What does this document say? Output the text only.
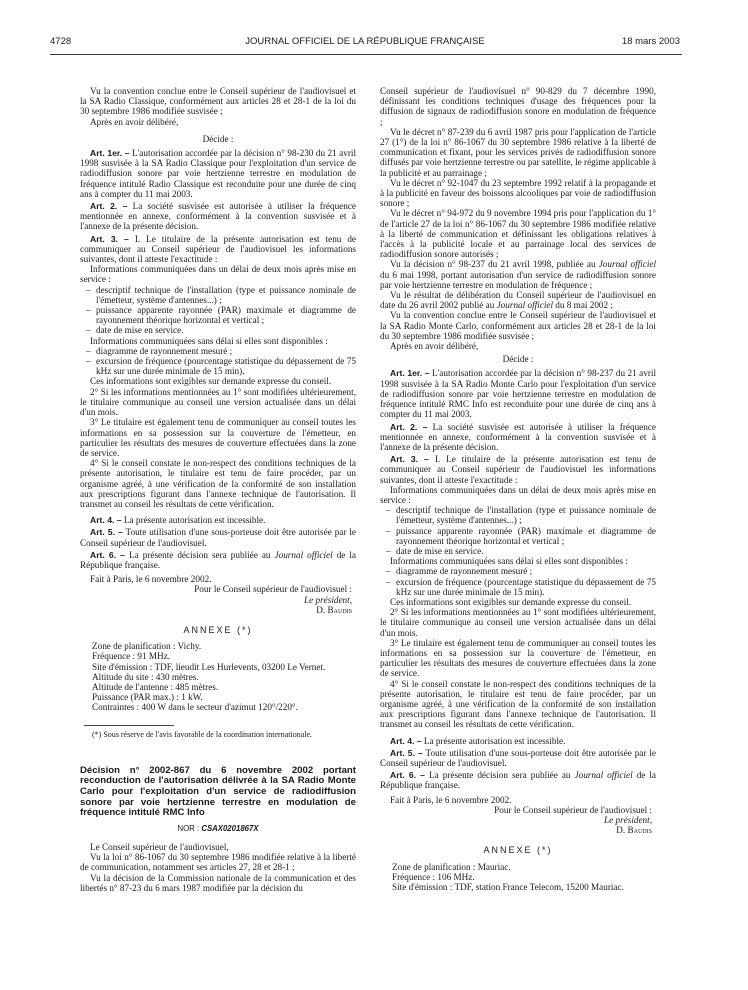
4728	JOURNAL OFFICIEL DE LA RÉPUBLIQUE FRANÇAISE	18 mars 2003

Vu la convention conclue entre le Conseil supérieur de l'audiovisuel et la SA Radio Classique, conformément aux articles 28 et 28-1 de la loi du 30 septembre 1986 modifiée susvisée ;

Après en avoir délibéré,

Décide :

Art. 1er. – L'autorisation accordée par la décision n° 98-230 du 21 avril 1998 susvisée à la SA Radio Classique pour l'exploitation d'un service de radiodiffusion sonore par voie hertzienne terrestre en modulation de fréquence intitulé Radio Classique est reconduite pour une durée de cinq ans à compter du 11 mai 2003.

Art. 2. – La société susvisée est autorisée à utiliser la fréquence mentionnée en annexe, conformément à la convention susvisée et à l'annexe de la présente décision.

Art. 3. – I. Le titulaire de la présente autorisation est tenu de communiquer au Conseil supérieur de l'audiovisuel les informations suivantes, dont il atteste l'exactitude :

Informations communiquées dans un délai de deux mois après mise en service :

– descriptif technique de l'installation (type et puissance nominale de l'émetteur, système d'antennes...) ;

– puissance apparente rayonnée (PAR) maximale et diagramme de rayonnement théorique horizontal et vertical ;

– date de mise en service.

Informations communiquées sans délai si elles sont disponibles :

– diagramme de rayonnement mesuré ;

– excursion de fréquence (pourcentage statistique du dépassement de 75 kHz sur une durée minimale de 15 min).

Ces informations sont exigibles sur demande expresse du conseil.

2° Si les informations mentionnées au 1° sont modifiées ultérieurement, le titulaire communique au conseil une version actualisée dans un délai d'un mois.

3° Le titulaire est également tenu de communiquer au conseil toutes les informations en sa possession sur la couverture de l'émetteur, en particulier les résultats des mesures de couverture effectuées dans la zone de service.

4° Si le conseil constate le non-respect des conditions techniques de la présente autorisation, le titulaire est tenu de faire procéder, par un organisme agréé, à une vérification de la conformité de son installation aux prescriptions figurant dans l'annexe technique de l'autorisation. Il transmet au conseil les résultats de cette vérification.

Art. 4. – La présente autorisation est incessible.

Art. 5. – Toute utilisation d'une sous-porteuse doit être autorisée par le Conseil supérieur de l'audiovisuel.

Art. 6. – La présente décision sera publiée au Journal officiel de la République française.

Fait à Paris, le 6 novembre 2002.

Pour le Conseil supérieur de l'audiovisuel :

Le président,

D. Baudis

ANNEXE (*)

Zone de planification : Vichy.

Fréquence : 91 MHz.

Site d'émission : TDF, lieudit Les Hurlevents, 03200 Le Vernet.

Altitude du site : 430 mètres.

Altitude de l'antenne : 485 mètres.

Puissance (PAR max.) : 1 kW.

Contraintes : 400 W dans le secteur d'azimut 120°/220°.

(*) Sous réserve de l'avis favorable de la coordination internationale.

Décision n° 2002-867 du 6 novembre 2002 portant reconduction de l'autorisation délivrée à la SA Radio Monte Carlo pour l'exploitation d'un service de radiodiffusion sonore par voie hertzienne terrestre en modulation de fréquence intitulé RMC Info

NOR : CSAX0201867X

Le Conseil supérieur de l'audiovisuel,

Vu la loi n° 86-1067 du 30 septembre 1986 modifiée relative à la liberté de communication, notamment ses articles 27, 28 et 28-1 ;

Vu la décision de la Commission nationale de la communication et des libertés n° 87-23 du 6 mars 1987 modifiée par la décision du

Conseil supérieur de l'audiovisuel n° 90-829 du 7 décembre 1990, définissant les conditions techniques d'usage des fréquences pour la diffusion de signaux de radiodiffusion sonore en modulation de fréquence ;

Vu le décret n° 87-239 du 6 avril 1987 pris pour l'application de l'article 27 (1°) de la loi n° 86-1067 du 30 septembre 1986 relative à la liberté de communication et fixant, pour les services privés de radiodiffusion sonore diffusés par voie hertzienne terrestre ou par satellite, le régime applicable à la publicité et au parrainage ;

Vu le décret n° 92-1047 du 23 septembre 1992 relatif à la propagande et à la publicité en faveur des boissons alcooliques par voie de radiodiffusion sonore ;

Vu le décret n° 94-972 du 9 novembre 1994 pris pour l'application du 1° de l'article 27 de la loi n° 86-1067 du 30 septembre 1986 modifiée relative à la liberté de communication et définissant les obligations relatives à l'accès à la publicité locale et au parrainage local des services de radiodiffusion sonore autorisés ;

Vu la décision n° 98-237 du 21 avril 1998, publiée au Journal officiel du 6 mai 1998, portant autorisation d'un service de radiodiffusion sonore par voie hertzienne terrestre en modulation de fréquence ;

Vu le résultat de délibération du Conseil supérieur de l'audiovisuel en date du 26 avril 2002 publié au Journal officiel du 8 mai 2002 ;

Vu la convention conclue entre le Conseil supérieur de l'audiovisuel et la SA Radio Monte Carlo, conformément aux articles 28 et 28-1 de la loi du 30 septembre 1986 modifiée susvisée ;

Après en avoir délibéré,

Décide :

Art. 1er. – L'autorisation accordée par la décision n° 98-237 du 21 avril 1998 susvisée à la SA Radio Monte Carlo pour l'exploitation d'un service de radiodiffusion sonore par voie hertzienne terrestre en modulation de fréquence intitulé RMC Info est reconduite pour une durée de cinq ans à compter du 11 mai 2003.

Art. 2. – La société susvisée est autorisée à utiliser la fréquence mentionnée en annexe, conformément à la convention susvisée et à l'annexe de la présente décision.

Art. 3. – I. Le titulaire de la présente autorisation est tenu de communiquer au Conseil supérieur de l'audiovisuel les informations suivantes, dont il atteste l'exactitude :

Informations communiquées dans un délai de deux mois après mise en service :

– descriptif technique de l'installation (type et puissance nominale de l'émetteur, système d'antennes...) ;

– puissance apparente rayonnée (PAR) maximale et diagramme de rayonnement théorique horizontal et vertical ;

– date de mise en service.

Informations communiquées sans délai si elles sont disponibles :

– diagramme de rayonnement mesuré ;

– excursion de fréquence (pourcentage statistique du dépassement de 75 kHz sur une durée minimale de 15 min).

Ces informations sont exigibles sur demande expresse du conseil.

2° Si les informations mentionnées au 1° sont modifiées ultérieurement, le titulaire communique au conseil une version actualisée dans un délai d'un mois.

3° Le titulaire est également tenu de communiquer au conseil toutes les informations en sa possession sur la couverture de l'émetteur, en particulier les résultats des mesures de couverture effectuées dans la zone de service.

4° Si le conseil constate le non-respect des conditions techniques de la présente autorisation, le titulaire est tenu de faire procéder, par un organisme agréé, à une vérification de la conformité de son installation aux prescriptions figurant dans l'annexe technique de l'autorisation. Il transmet au conseil les résultats de cette vérification.

Art. 4. – La présente autorisation est incessible.

Art. 5. – Toute utilisation d'une sous-porteuse doit être autorisée par le Conseil supérieur de l'audiovisuel.

Art. 6. – La présente décision sera publiée au Journal officiel de la République française.

Fait à Paris, le 6 novembre 2002.

Pour le Conseil supérieur de l'audiovisuel :

Le président,

D. Baudis

ANNEXE (*)

Zone de planification : Mauriac.

Fréquence : 106 MHz.

Site d'émission : TDF, station France Telecom, 15200 Mauriac.
